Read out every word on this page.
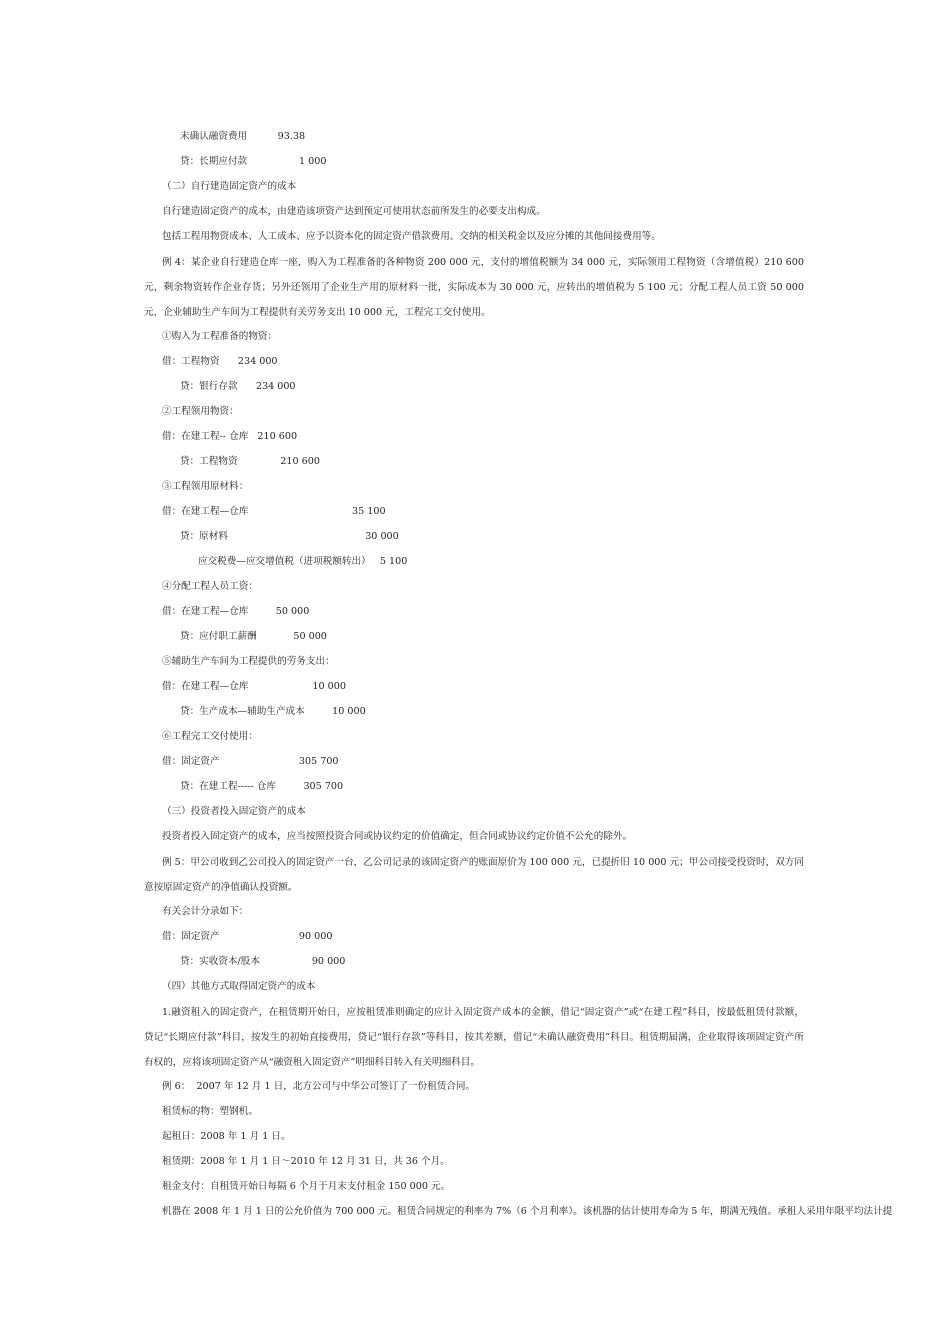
未确认融资费用          93.38
贷：长期应付款                 1 000
（二）自行建造固定资产的成本
自行建造固定资产的成本，由建造该项资产达到预定可使用状态前所发生的必要支出构成。
包括工程用物资成本、人工成本、应予以资本化的固定资产借款费用、交纳的相关税金以及应分摊的其他间接费用等。
例 4：某企业自行建造仓库一座，购入为工程准备的各种物资 200 000 元，支付的增值税额为 34 000 元，实际领用工程物资（含增值税）210 600 元，剩余物资转作企业存货；另外还领用了企业生产用的原材料一批，实际成本为 30 000 元，应转出的增值税为 5 100 元；分配工程人员工资 50 000 元，企业辅助生产车间为工程提供有关劳务支出 10 000 元，工程完工交付使用。
①购入为工程准备的物资：
借：工程物资      234 000
贷：银行存款      234 000
②工程领用物资：
借：在建工程-- 仓库   210 600
贷：工程物资              210 600
③工程领用原材料：
借：在建工程—仓库                                  35 100
贷：原材料                                             30 000
应交税费—应交增值税（进项税额转出）   5 100
④分配工程人员工资：
借：在建工程—仓库         50 000
贷：应付职工薪酬            50 000
⑤辅助生产车间为工程提供的劳务支出：
借：在建工程—仓库                     10 000
贷：生产成本—辅助生产成本         10 000
⑥工程完工交付使用：
借：固定资产                          305 700
贷：在建工程----- 仓库         305 700
（三）投资者投入固定资产的成本
投资者投入固定资产的成本，应当按照投资合同或协议约定的价值确定，但合同或协议约定价值不公允的除外。
例 5：甲公司收到乙公司投入的固定资产一台，乙公司记录的该固定资产的账面原价为 100 000 元，已提折旧 10 000 元；甲公司接受投资时，双方同意按原固定资产的净值确认投资额。
有关会计分录如下：
借：固定资产                          90 000
贷：实收资本/股本                 90 000
（四）其他方式取得固定资产的成本
1.融资租入的固定资产，在租赁期开始日，应按租赁准则确定的应计入固定资产成本的金额，借记“固定资产”或“在建工程”科目，按最低租赁付款额，贷记“长期应付款”科目，按发生的初始直接费用，贷记“银行存款”等科目，按其差额，借记“未确认融资费用”科目。租赁期届满，企业取得该项固定资产所有权的，应将该项固定资产从“融资租入固定资产”明细科目转入有关明细科目。
例 6：  2007 年 12 月 1 日，北方公司与中华公司签订了一份租赁合同。
租赁标的物：塑钢机。
起租日：2008 年 1 月 1 日。
租赁期：2008 年 1 月 1 日～2010 年 12 月 31 日，共 36 个月。
租金支付：自租赁开始日每隔 6 个月于月末支付租金 150 000 元。
机器在 2008 年 1 月 1 日的公允价值为 700 000 元。租赁合同规定的利率为 7%（6 个月利率）。该机器的估计使用寿命为 5 年，期满无残值。承租人采用年限平均法计提
